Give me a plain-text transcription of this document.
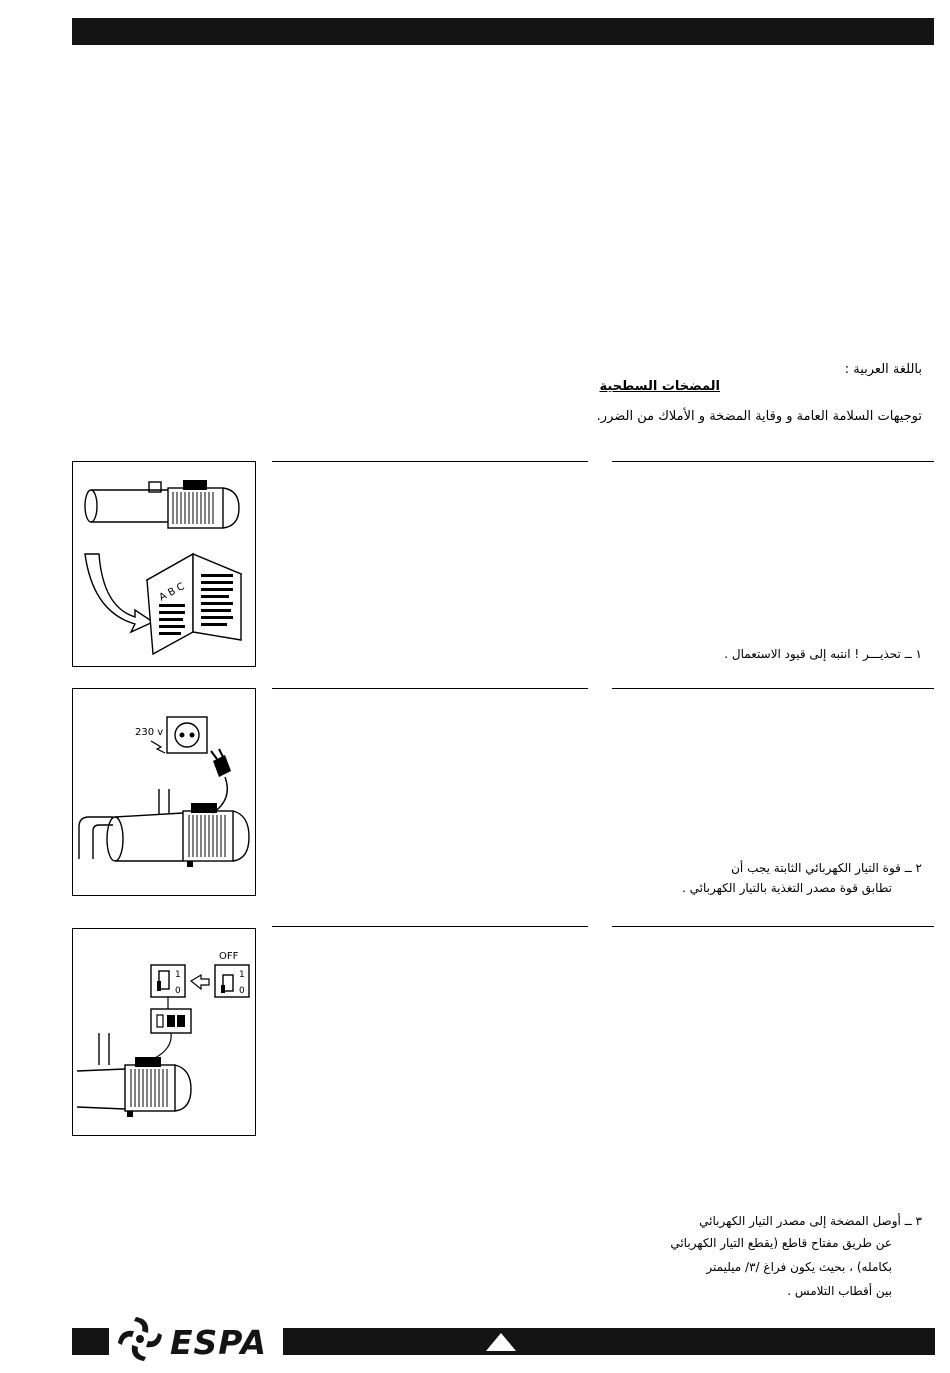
باللغة العربية :
المضخات السطحية
توجيهات السلامة العامة و وقاية المضخة و الأملاك من الضرر.
A B C
١ ــ تحذيـــر ! انتبه إلى قيود الاستعمال .
230 v
٢ ــ قوة التيار الكهربائي الثابتة يجب أن
تطابق قوة مصدر التغذية بالتيار الكهربائي .
1
0
OFF
1
0
٣ ــ أوصل المضخة إلى مصدر التيار الكهربائي
عن طريق مفتاح قاطع (يقطع التيار الكهربائي
بكامله) ، بحيث يكون فراغ /٣/ ميليمتر
بين أقطاب التلامس .
ESPA
